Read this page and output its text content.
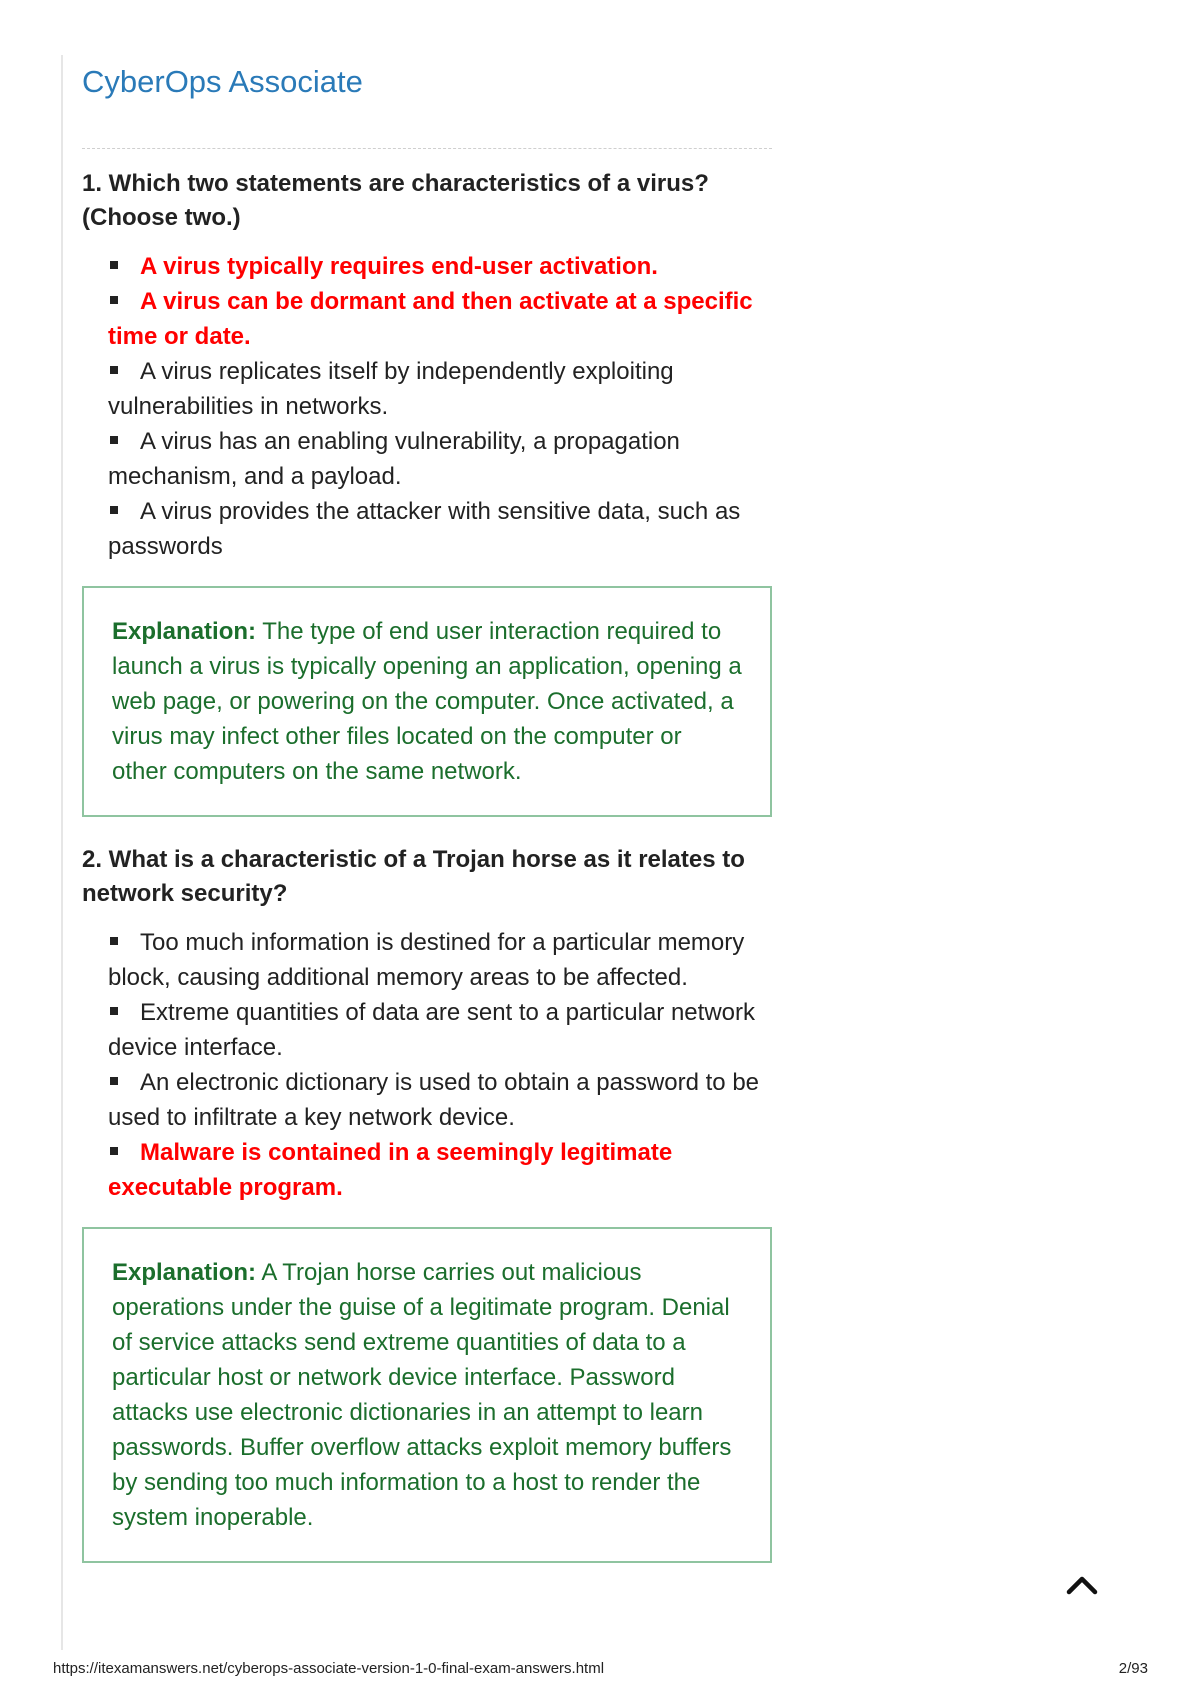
CyberOps Associate

1. Which two statements are characteristics of a virus? (Choose two.)

A virus typically requires end-user activation.
A virus can be dormant and then activate at a specific time or date.
A virus replicates itself by independently exploiting vulnerabilities in networks.
A virus has an enabling vulnerability, a propagation mechanism, and a payload.
A virus provides the attacker with sensitive data, such as passwords
Explanation: The type of end user interaction required to launch a virus is typically opening an application, opening a web page, or powering on the computer. Once activated, a virus may infect other files located on the computer or other computers on the same network.

2. What is a characteristic of a Trojan horse as it relates to network security?

Too much information is destined for a particular memory block, causing additional memory areas to be affected.
Extreme quantities of data are sent to a particular network device interface.
An electronic dictionary is used to obtain a password to be used to infiltrate a key network device.
Malware is contained in a seemingly legitimate executable program.
Explanation: A Trojan horse carries out malicious operations under the guise of a legitimate program. Denial of service attacks send extreme quantities of data to a particular host or network device interface. Password attacks use electronic dictionaries in an attempt to learn passwords. Buffer overflow attacks exploit memory buffers by sending too much information to a host to render the system inoperable.
https://itexamanswers.net/cyberops-associate-version-1-0-final-exam-answers.html	2/93
